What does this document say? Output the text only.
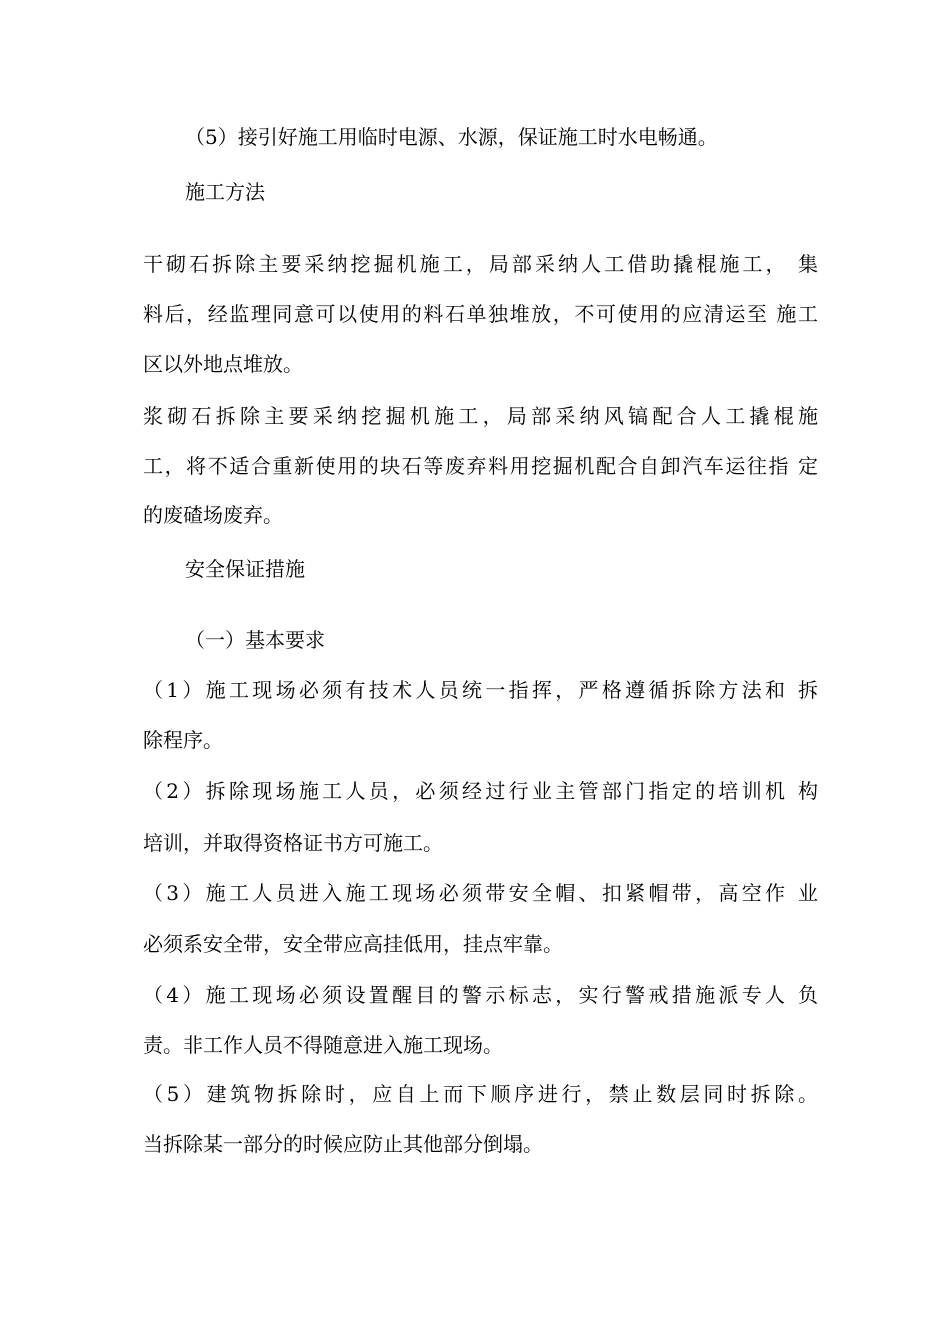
（5）接引好施工用临时电源、水源，保证施工时水电畅通。

施工方法

干砌石拆除主要采纳挖掘机施工，局部采纳人工借助撬棍施工， 集

料后，经监理同意可以使用的料石单独堆放，不可使用的应清运至 施工

区以外地点堆放。

浆砌石拆除主要采纳挖掘机施工，局部采纳风镐配合人工撬棍施

工，将不适合重新使用的块石等废弃料用挖掘机配合自卸汽车运往指 定

的废碴场废弃。

安全保证措施

（一）基本要求

（1）施工现场必须有技术人员统一指挥，严格遵循拆除方法和 拆

除程序。

（2）拆除现场施工人员，必须经过行业主管部门指定的培训机 构

培训，并取得资格证书方可施工。

（3）施工人员进入施工现场必须带安全帽、扣紧帽带，高空作 业

必须系安全带，安全带应高挂低用，挂点牢靠。

（4）施工现场必须设置醒目的警示标志，实行警戒措施派专人 负

责。非工作人员不得随意进入施工现场。

（5）建筑物拆除时，应自上而下顺序进行，禁止数层同时拆除。

当拆除某一部分的时候应防止其他部分倒塌。
